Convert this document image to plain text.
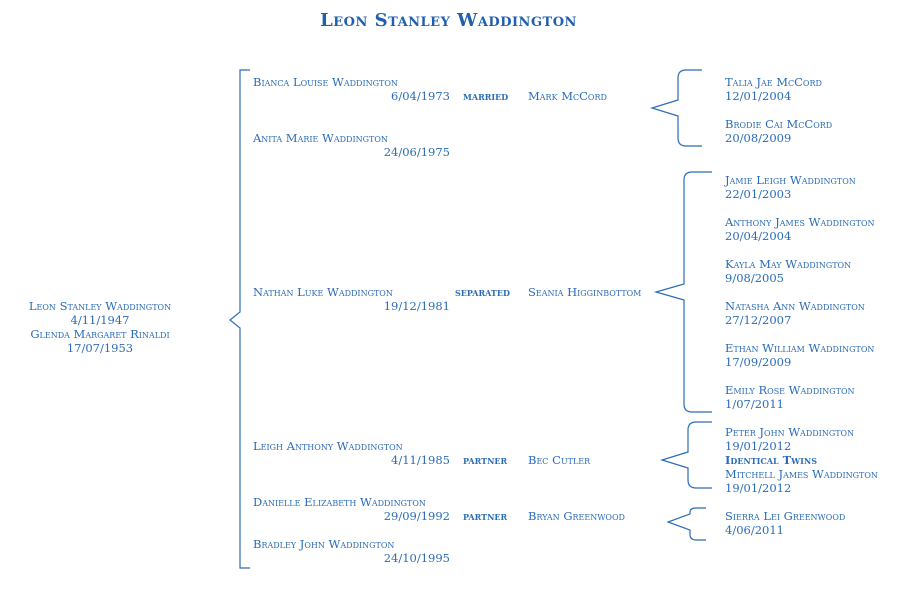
Leon Stanley Waddington
Leon Stanley Waddington
4/11/1947
Glenda Margaret Rinaldi
17/07/1953
Bianca Louise Waddington
6/04/1973 married Mark McCord
Anita Marie Waddington
24/06/1975
Nathan Luke Waddington
19/12/1981
separated Seania Higginbottom
Leigh Anthony Waddington
4/11/1985 partner Bec Cutler
Danielle Elizabeth Waddington
29/09/1992 partner Bryan Greenwood
Bradley John Waddington
24/10/1995
Talia Jae McCord
12/01/2004
Brodie Cai McCord
20/08/2009
Jamie Leigh Waddington
22/01/2003
Anthony James Waddington
20/04/2004
Kayla May Waddington
9/08/2005
Natasha Ann Waddington
27/12/2007
Ethan William Waddington
17/09/2009
Emily Rose Waddington
1/07/2011
Peter John Waddington
19/01/2012
Identical Twins
Mitchell James Waddington
19/01/2012
Sierra Lei Greenwood
4/06/2011
